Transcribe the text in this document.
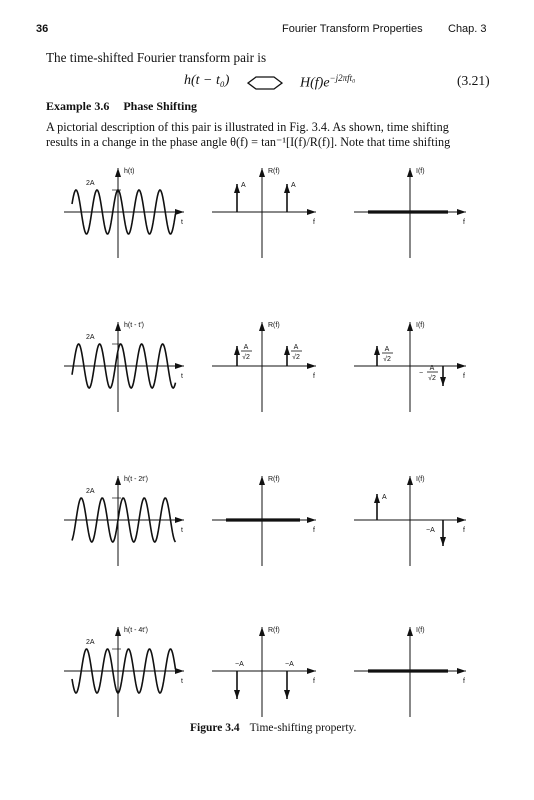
36	Fourier Transform Properties Chap. 3
The time-shifted Fourier transform pair is
h(t − t₀)	$H(f)e^{-j2\pi ft_0}$	(3.21)
Example 3.6 Phase Shifting
A pictorial description of this pair is illustrated in Fig. 3.4. As shown, time shifting
results in a change in the phase angle θ(f) = tan⁻¹[I(f)/R(f)]. Note that time shifting
t
h(t)
2A
f
R(f)
A	A
f
I(f)
t
h(t - t')
2A
f
R(f)
A
√2
A
√2
f
I(f)
A
√2
−
A
√2
t
h(t - 2t')
2A
f
R(f)
f
I(f)
A
−A
t
h(t - 4t')
2A
f
R(f)
−A	−A
f
I(f)
Figure 3.4 Time-shifting property.
